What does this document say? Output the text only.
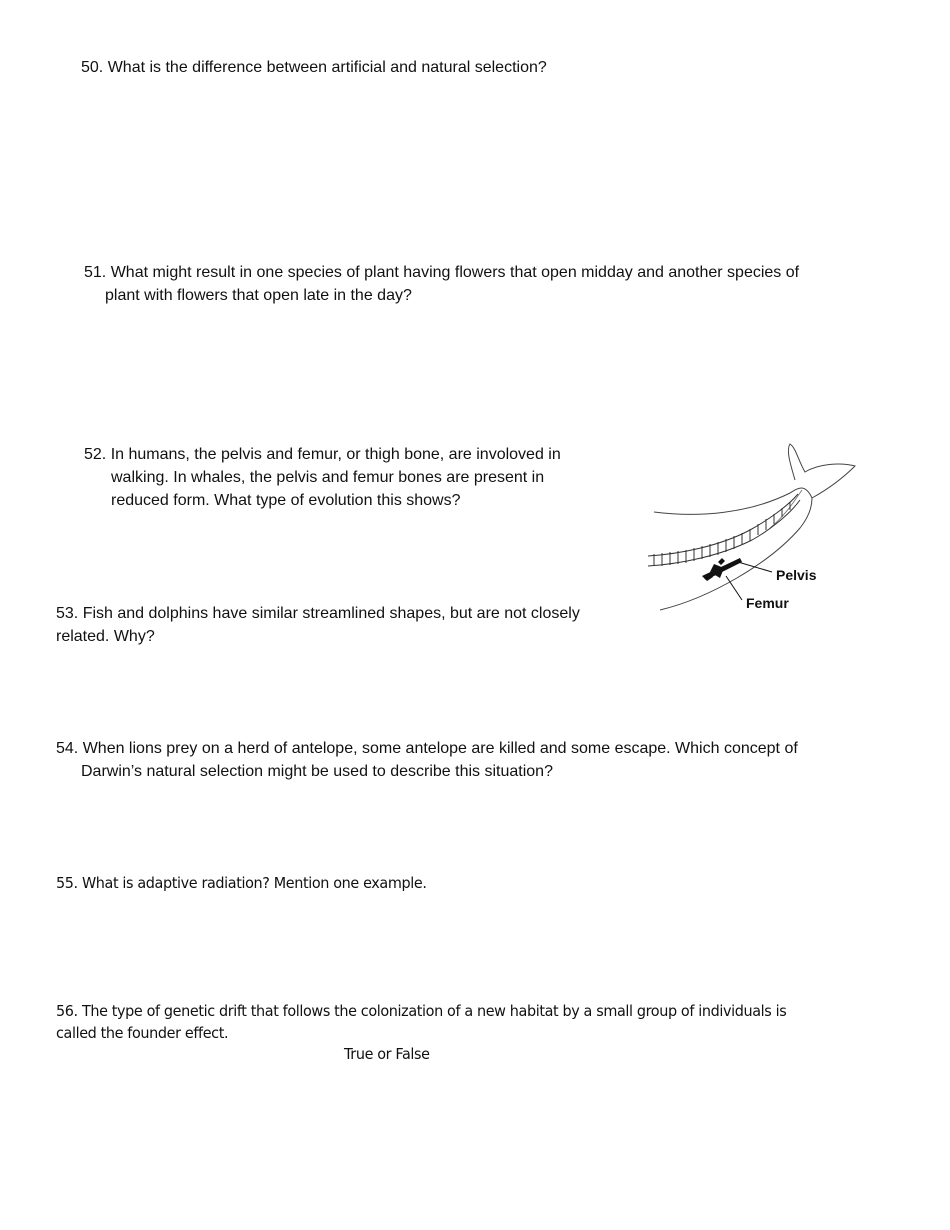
50. What is the difference between artificial and natural selection?
51. What might result in one species of plant having flowers that open midday and another species of
plant with flowers that open late in the day?
52. In humans, the pelvis and femur, or thigh bone, are involoved in
walking. In whales, the pelvis and femur bones are present in
reduced form. What type of evolution this shows?
Pelvis
Femur
53. Fish and dolphins have similar streamlined shapes, but are not closely
related. Why?
54. When lions prey on a herd of antelope, some antelope are killed and some escape. Which concept of
Darwin’s natural selection might be used to describe this situation?
55. What is adaptive radiation? Mention one example.
56. The type of genetic drift that follows the colonization of a new habitat by a small group of individuals is
called the founder effect.
True or False
